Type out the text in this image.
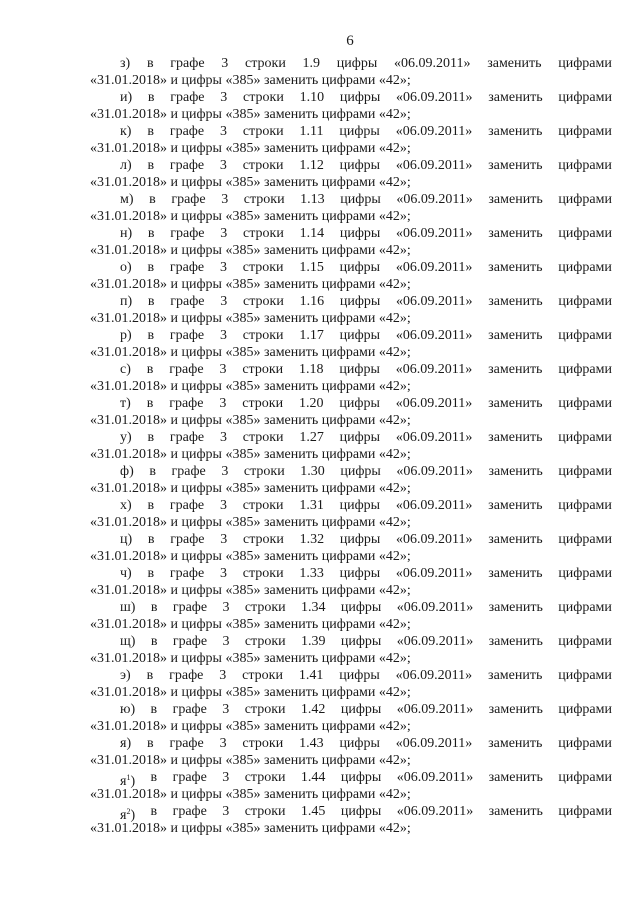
6
з) в графе 3 строки 1.9 цифры «06.09.2011» заменить цифрами
«31.01.2018» и цифры «385» заменить цифрами «42»;
и) в графе 3 строки 1.10 цифры «06.09.2011» заменить цифрами
«31.01.2018» и цифры «385» заменить цифрами «42»;
к) в графе 3 строки 1.11 цифры «06.09.2011» заменить цифрами
«31.01.2018» и цифры «385» заменить цифрами «42»;
л) в графе 3 строки 1.12 цифры «06.09.2011» заменить цифрами
«31.01.2018» и цифры «385» заменить цифрами «42»;
м) в графе 3 строки 1.13 цифры «06.09.2011» заменить цифрами
«31.01.2018» и цифры «385» заменить цифрами «42»;
н) в графе 3 строки 1.14 цифры «06.09.2011» заменить цифрами
«31.01.2018» и цифры «385» заменить цифрами «42»;
о) в графе 3 строки 1.15 цифры «06.09.2011» заменить цифрами
«31.01.2018» и цифры «385» заменить цифрами «42»;
п) в графе 3 строки 1.16 цифры «06.09.2011» заменить цифрами
«31.01.2018» и цифры «385» заменить цифрами «42»;
р) в графе 3 строки 1.17 цифры «06.09.2011» заменить цифрами
«31.01.2018» и цифры «385» заменить цифрами «42»;
с) в графе 3 строки 1.18 цифры «06.09.2011» заменить цифрами
«31.01.2018» и цифры «385» заменить цифрами «42»;
т) в графе 3 строки 1.20 цифры «06.09.2011» заменить цифрами
«31.01.2018» и цифры «385» заменить цифрами «42»;
у) в графе 3 строки 1.27 цифры «06.09.2011» заменить цифрами
«31.01.2018» и цифры «385» заменить цифрами «42»;
ф) в графе 3 строки 1.30 цифры «06.09.2011» заменить цифрами
«31.01.2018» и цифры «385» заменить цифрами «42»;
х) в графе 3 строки 1.31 цифры «06.09.2011» заменить цифрами
«31.01.2018» и цифры «385» заменить цифрами «42»;
ц) в графе 3 строки 1.32 цифры «06.09.2011» заменить цифрами
«31.01.2018» и цифры «385» заменить цифрами «42»;
ч) в графе 3 строки 1.33 цифры «06.09.2011» заменить цифрами
«31.01.2018» и цифры «385» заменить цифрами «42»;
ш) в графе 3 строки 1.34 цифры «06.09.2011» заменить цифрами
«31.01.2018» и цифры «385» заменить цифрами «42»;
щ) в графе 3 строки 1.39 цифры «06.09.2011» заменить цифрами
«31.01.2018» и цифры «385» заменить цифрами «42»;
э) в графе 3 строки 1.41 цифры «06.09.2011» заменить цифрами
«31.01.2018» и цифры «385» заменить цифрами «42»;
ю) в графе 3 строки 1.42 цифры «06.09.2011» заменить цифрами
«31.01.2018» и цифры «385» заменить цифрами «42»;
я) в графе 3 строки 1.43 цифры «06.09.2011» заменить цифрами
«31.01.2018» и цифры «385» заменить цифрами «42»;
$я^1$) в графе 3 строки 1.44 цифры «06.09.2011» заменить цифрами
«31.01.2018» и цифры «385» заменить цифрами «42»;
$я^2$) в графе 3 строки 1.45 цифры «06.09.2011» заменить цифрами
«31.01.2018» и цифры «385» заменить цифрами «42»;
